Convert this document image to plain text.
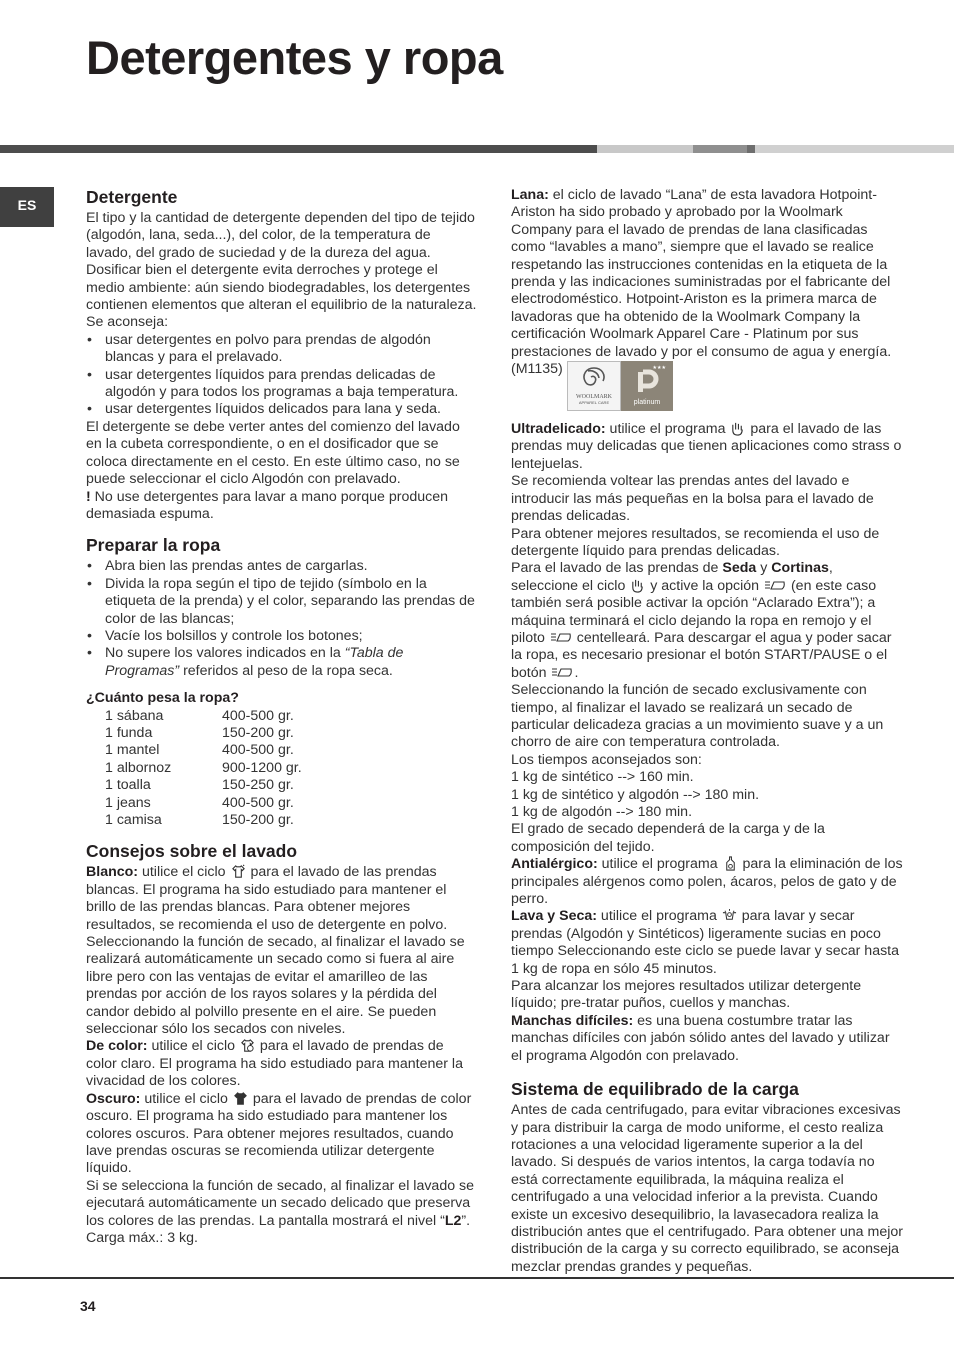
Detergentes y ropa
ES	Detergente

El tipo y la cantidad de detergente dependen del tipo de tejido (algodón, lana, seda...), del color, de la temperatura de lavado, del grado de suciedad y de la dureza del agua.

Dosificar bien el detergente evita derroches y protege el medio ambiente: aún siendo biodegradables, los detergentes contienen elementos que alteran el equilibrio de la naturaleza.

Se aconseja:

• usar detergentes en polvo para prendas de algodón blancas y para el prelavado.
• usar detergentes líquidos para prendas delicadas de algodón y para todos los programas a baja temperatura.
• usar detergentes líquidos delicados para lana y seda.

El detergente se debe verter antes del comienzo del lavado en la cubeta correspondiente, o en el dosificador que se coloca directamente en el cesto. En este último caso, no se puede seleccionar el ciclo Algodón con prelavado.

! No use detergentes para lavar a mano porque producen demasiada espuma.

Preparar la ropa
• Abra bien las prendas antes de cargarlas.
• Divida la ropa según el tipo de tejido (símbolo en la etiqueta de la prenda) y el color, separando las prendas de color de las blancas;
• Vacíe los bolsillos y controle los botones;
• No supere los valores indicados en la “Tabla de Programas” referidos al peso de la ropa seca.
¿Cuánto pesa la ropa?
1 sábana	400-500 gr.
1 funda	150-200 gr.
1 mantel	400-500 gr.
1 albornoz	900-1200 gr.
1 toalla	150-250 gr.
1 jeans	400-500 gr.
1 camisa	150-200 gr.
Consejos sobre el lavado

Blanco: utilice el ciclo  para el lavado de las prendas blancas. El programa ha sido estudiado para mantener el brillo de las prendas blancas. Para obtener mejores resultados, se recomienda el uso de detergente en polvo. Seleccionando la función de secado, al finalizar el lavado se realizará automáticamente un secado como si fuera al aire libre pero con las ventajas de evitar el amarilleo de las prendas por acción de los rayos solares y la pérdida del candor debido al polvillo presente en el aire. Se pueden seleccionar sólo los secados con niveles.

De color: utilice el ciclo  para el lavado de prendas de color claro. El programa ha sido estudiado para mantener la vivacidad de los colores.

Oscuro: utilice el ciclo  para el lavado de prendas de color oscuro. El programa ha sido estudiado para mantener los colores oscuros. Para obtener mejores resultados, cuando lave prendas oscuras se recomienda utilizar detergente líquido.

Si se selecciona la función de secado, al finalizar el lavado se ejecutará automáticamente un secado delicado que preserva los colores de las prendas. La pantalla mostrará el nivel “L2”. Carga máx.: 3 kg.

Lana: el ciclo de lavado “Lana” de esta lavadora Hotpoint-Ariston ha sido probado y aprobado por la Woolmark Company para el lavado de prendas de lana clasificadas como “lavables a mano”, siempre que el lavado se realice respetando las instrucciones contenidas en la etiqueta de la prenda y las indicaciones suministradas por el fabricante del electrodoméstico. Hotpoint-Ariston es la primera marca de lavadoras que ha obtenido de la Woolmark Company la certificación Woolmark Apparel Care - Platinum por sus prestaciones de lavado y por el consumo de agua y energía. (M1135)
WOOLMARK
APPAREL CARE
★★★
platinum

Ultradelicado: utilice el programa  para el lavado de las prendas muy delicadas que tienen aplicaciones como strass o lentejuelas.

Se recomienda voltear las prendas antes del lavado e introducir las más pequeñas en la bolsa para el lavado de prendas delicadas.

Para obtener mejores resultados, se recomienda el uso de detergente líquido para prendas delicadas.

Para el lavado de las prendas de Seda y Cortinas, seleccione el ciclo  y active la opción  (en este caso también será posible activar la opción “Aclarado Extra”); a máquina terminará el ciclo dejando la ropa en remojo y el piloto  centelleará. Para descargar el agua y poder sacar la ropa, es necesario presionar el botón START/PAUSE o el botón .

Seleccionando la función de secado exclusivamente con tiempo, al finalizar el lavado se realizará un secado de particular delicadeza gracias a un movimiento suave y a un chorro de aire con temperatura controlada.

Los tiempos aconsejados son:

1 kg de sintético --> 160 min.

1 kg de sintético y algodón --> 180 min.

1 kg de algodón --> 180 min.

El grado de secado dependerá de la carga y de la composición del tejido.

Antialérgico: utilice el programa  para la eliminación de los principales alérgenos como polen, ácaros, pelos de gato y de perro.

Lava y Seca: utilice el programa  para lavar y secar prendas (Algodón y Sintéticos) ligeramente sucias en poco tiempo Seleccionando este ciclo se puede lavar y secar hasta 1 kg de ropa en sólo 45 minutos.

Para alcanzar los mejores resultados utilizar detergente líquido; pre-tratar puños, cuellos y manchas.

Manchas difíciles: es una buena costumbre tratar las manchas difíciles con jabón sólido antes del lavado y utilizar el programa Algodón con prelavado.

Sistema de equilibrado de la carga

Antes de cada centrifugado, para evitar vibraciones excesivas y para distribuir la carga de modo uniforme, el cesto realiza rotaciones a una velocidad ligeramente superior a la del lavado. Si después de varios intentos, la carga todavía no está correctamente equilibrada, la máquina realiza el centrifugado a una velocidad inferior a la prevista. Cuando existe un excesivo desequilibrio, la lavasecadora realiza la distribución antes que el centrifugado. Para obtener una mejor distribución de la carga y su correcto equilibrado, se aconseja mezclar prendas grandes y pequeñas.

34
